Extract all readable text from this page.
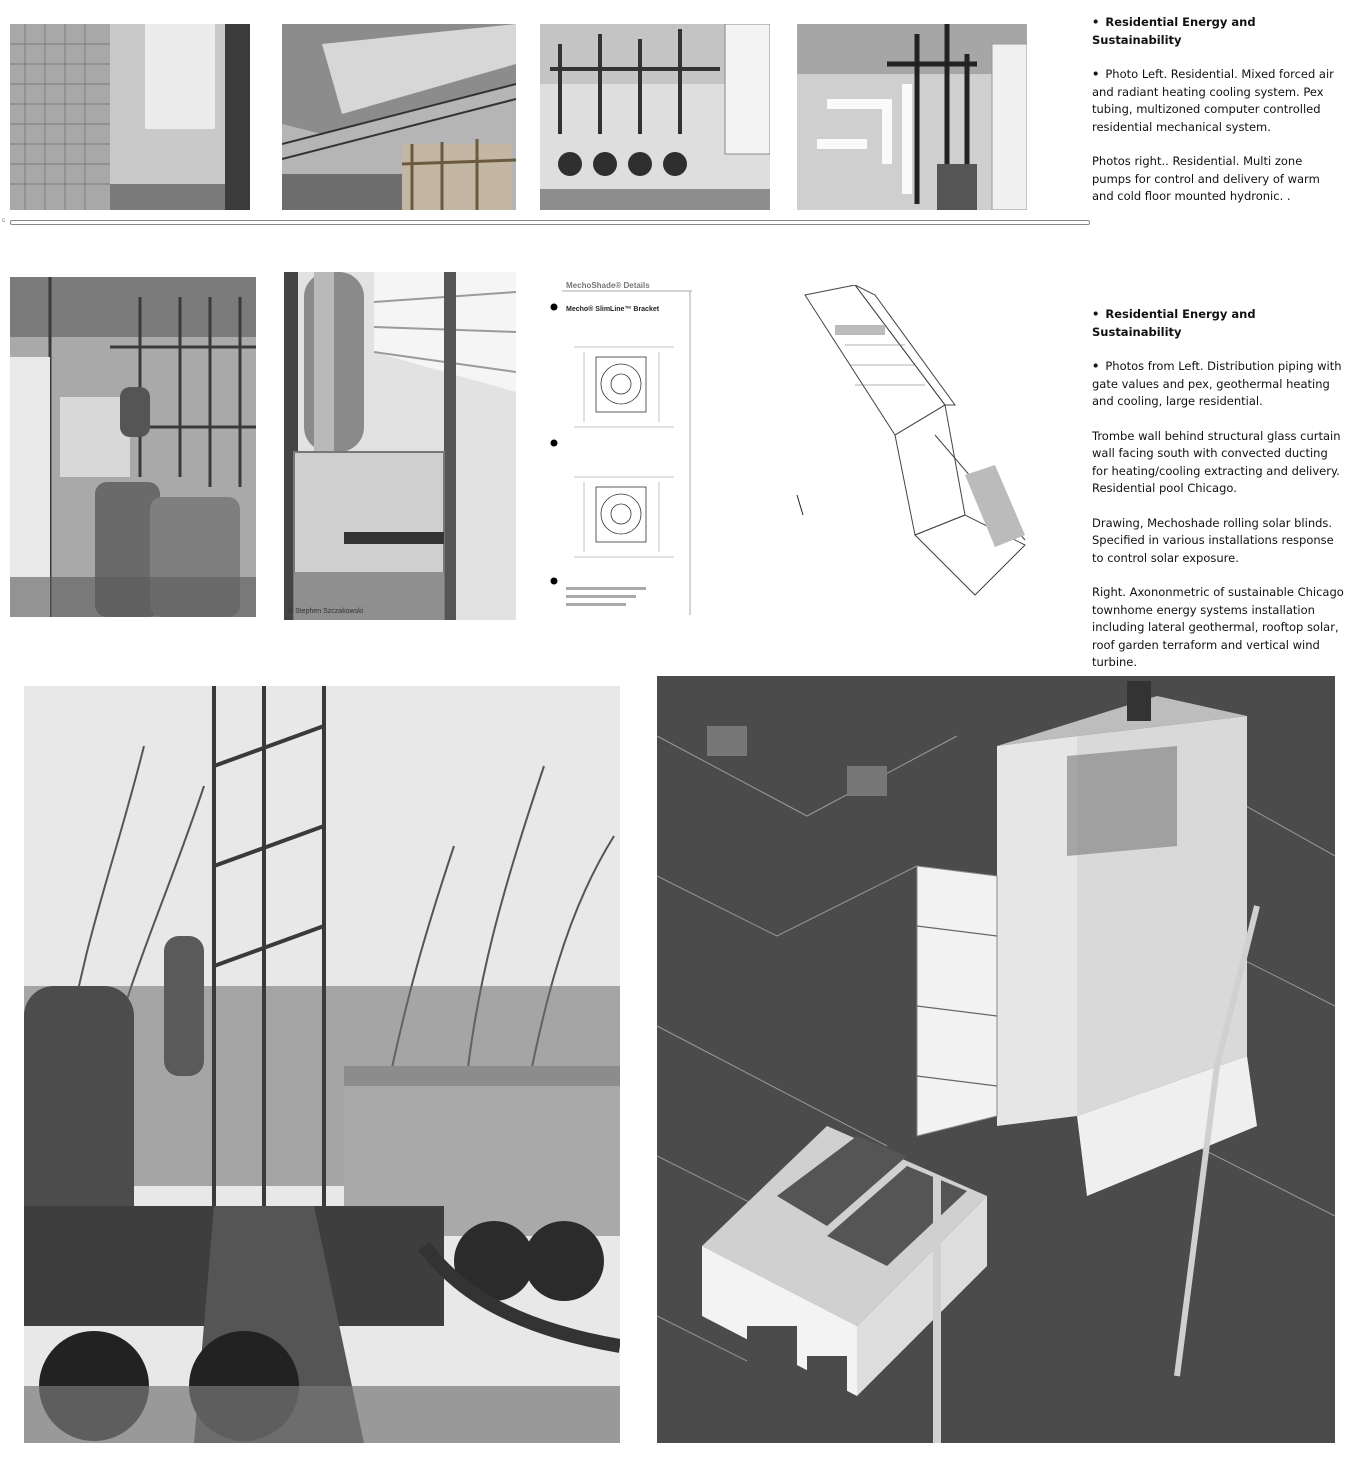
• Residential Energy and Sustainability

• Photo Left. Residential. Mixed forced air and radiant heating cooling system. Pex tubing, multizoned computer controlled residential mechanical system.

Photos right.. Residential. Multi zone pumps for control and delivery of warm and cold floor mounted hydronic. .

c
© Stephen Szczakowski
MechoShade® Details
Mecho® SlimLine™ Bracket

•	Residential Energy and Sustainability

• Photos from Left. Distribution piping with gate values and pex, geothermal heating and cooling, large residential.

Trombe wall behind structural glass curtain wall facing south with convected ducting for heating/cooling extracting and delivery. Residential pool Chicago.

Drawing, Mechoshade rolling solar blinds. Specified in various installations response to control solar exposure.

Right. Axononmetric of sustainable Chicago townhome energy systems installation including lateral geothermal, rooftop solar, roof garden terraform and vertical wind turbine.
